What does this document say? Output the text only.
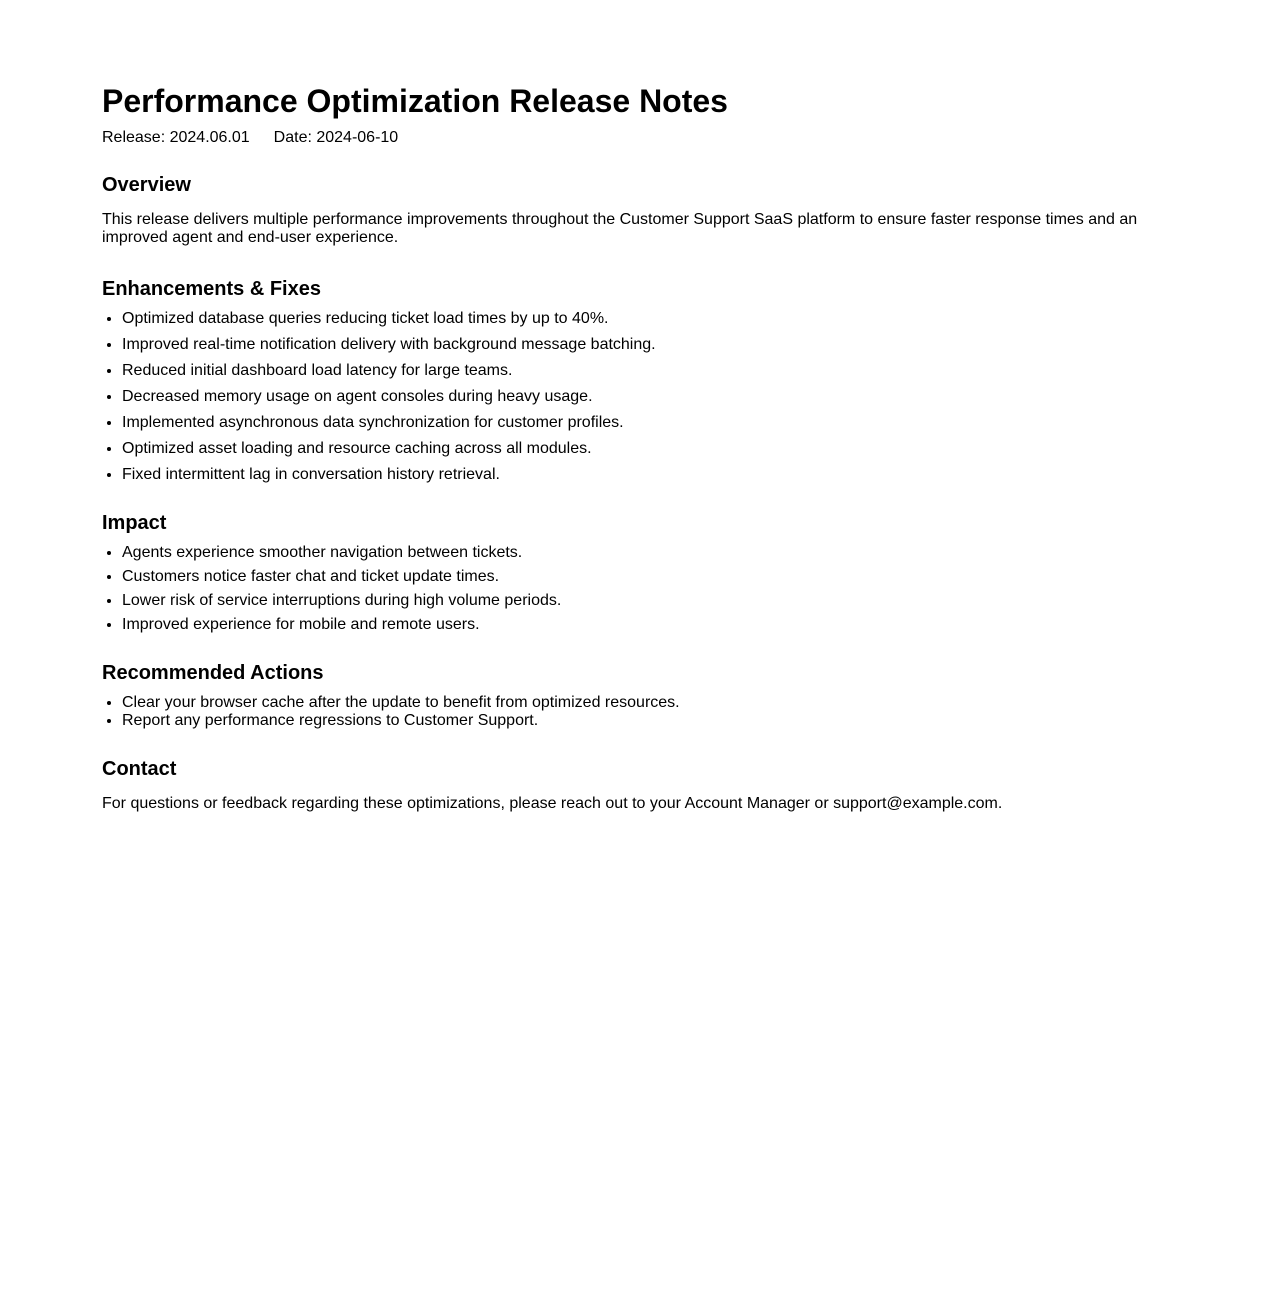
Performance Optimization Release Notes
Release: 2024.06.01 Date: 2024-06-10
Overview

This release delivers multiple performance improvements throughout the Customer Support SaaS platform to ensure faster response times and an improved agent and end-user experience.

Enhancements & Fixes
• Optimized database queries reducing ticket load times by up to 40%.
• Improved real-time notification delivery with background message batching.
• Reduced initial dashboard load latency for large teams.
• Decreased memory usage on agent consoles during heavy usage.
• Implemented asynchronous data synchronization for customer profiles.
• Optimized asset loading and resource caching across all modules.
• Fixed intermittent lag in conversation history retrieval.
Impact
• Agents experience smoother navigation between tickets.
• Customers notice faster chat and ticket update times.
• Lower risk of service interruptions during high volume periods.
• Improved experience for mobile and remote users.
Recommended Actions
• Clear your browser cache after the update to benefit from optimized resources.
• Report any performance regressions to Customer Support.
Contact

For questions or feedback regarding these optimizations, please reach out to your Account Manager or support@example.com.
